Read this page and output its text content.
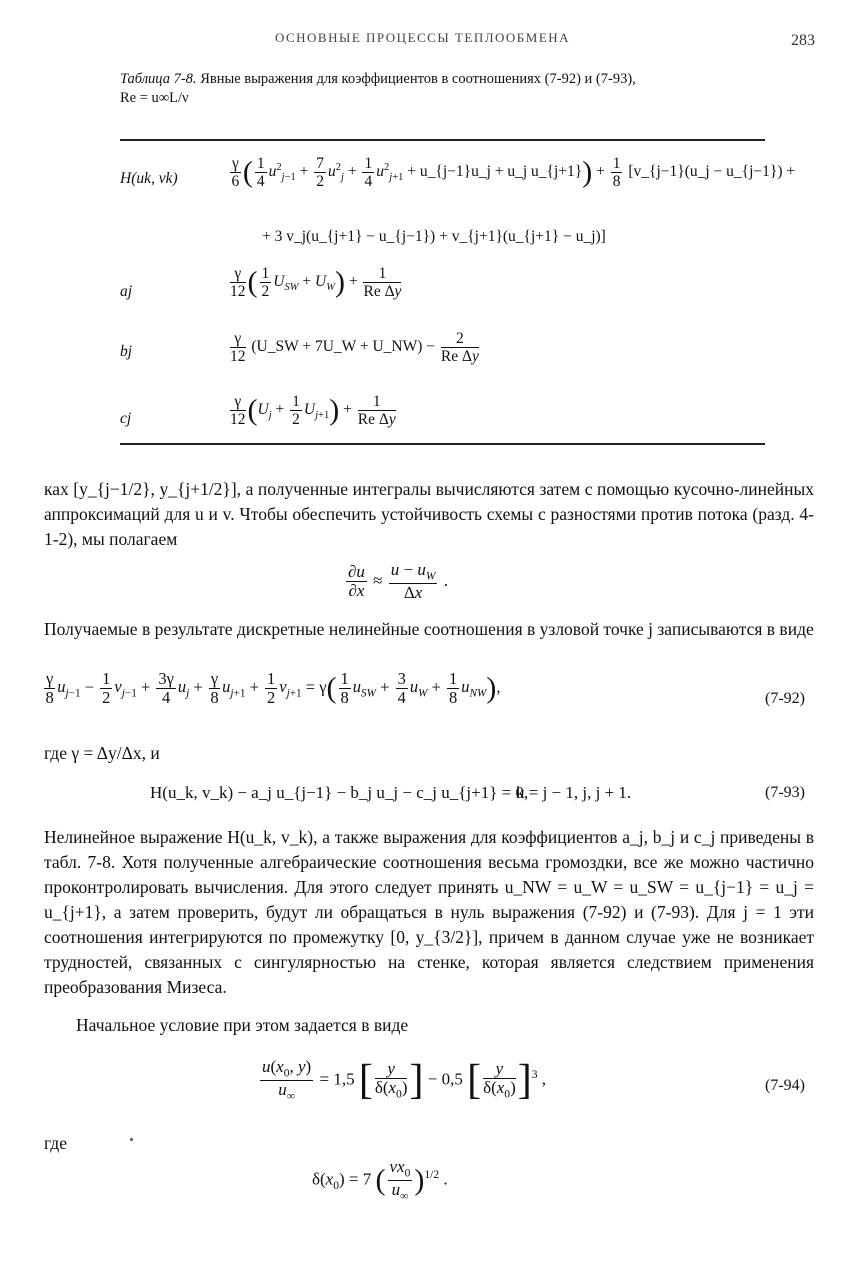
ОСНОВНЫЕ ПРОЦЕССЫ ТЕПЛООБМЕНА	283
Таблица 7-8. Явные выражения для коэффициентов в соотношениях (7-92) и (7-93),
Re = u∞L/ν
H(uk, vk)	$\frac{\gamma}{6}$ ( $\frac{1}{4} u^2_{j-1} + \frac{7}{2} u^2_j + \frac{1}{4} u^2_{j+1}$ + u_{j−1}u_j + u_j u_{j+1}) + $\frac{1}{8}$ [v_{j−1}(u_j − u_{j−1}) +
+ 3 v_j(u_{j+1} − u_{j−1}) + v_{j+1}(u_{j+1} − u_j)]
aj	$\frac{\gamma}{12}$ ( $\frac{1}{2} U_{SW} + U_W) + \frac{1}{\text{Re Δy}}$
bj	$\frac{\gamma}{12}$ (U_SW + 7U_W + U_NW) − $\frac{2}{\text{Re Δy}}$
cj	$\frac{\gamma}{12} (U_j + \frac{1}{2} U_{j+1}) + \frac{1}{\text{Re Δy}}$
ках [y_{j−1/2}, y_{j+1/2}], а полученные интегралы вычисляются затем с помощью кусочно-линейных аппроксимаций для u и v. Чтобы обеспечить устойчивость схемы с разностями против потока (разд. 4-1-2), мы полагаем
$\frac{\partial u}{\partial x} \approx \frac{u - u_W}{\Delta x}$ .
Получаемые в результате дискретные нелинейные соотношения в узловой точке j записываются в виде
$\frac{\gamma}{8} u_{j-1} - \frac{1}{2} v_{j-1} + \frac{3\gamma}{4} u_j + \frac{\gamma}{8} u_{j+1} + \frac{1}{2} v_{j+1} = \gamma( \frac{1}{8} u_{SW} + \frac{3}{4} u_W + \frac{1}{8} u_{NW})$,
(7-92)
где γ = Δy/Δx, и
H(u_k, v_k) − a_j u_{j−1} − b_j u_j − c_j u_{j+1} = 0,
k = j − 1, j, j + 1.	(7-93)
Нелинейное выражение H(u_k, v_k), а также выражения для коэффициентов a_j, b_j и c_j приведены в табл. 7-8. Хотя полученные алгебраические соотношения весьма громоздки, все же можно частично проконтролировать вычисления. Для этого следует принять u_NW = u_W = u_SW = u_{j−1} = u_j = u_{j+1}, а затем проверить, будут ли обращаться в нуль выражения (7-92) и (7-93). Для j = 1 эти соотношения интегрируются по промежутку [0, y_{3/2}], причем в данном случае уже не возникает трудностей, связанных с сингулярностью на стенке, которая является следствием применения преобразования Мизеса.
Начальное условие при этом задается в виде
$\frac{u(x_0, y)}{u_\infty} = 1,5$ [ $\frac{y}{\delta(x_0)}$ ] − 0,5 [ $\frac{y}{\delta(x_0)} ]^3$ ,	(7-94)
где
$\delta(x_0) = 7$ ( $\frac{\nu x_0}{u_\infty} )^{1/2}$ .
